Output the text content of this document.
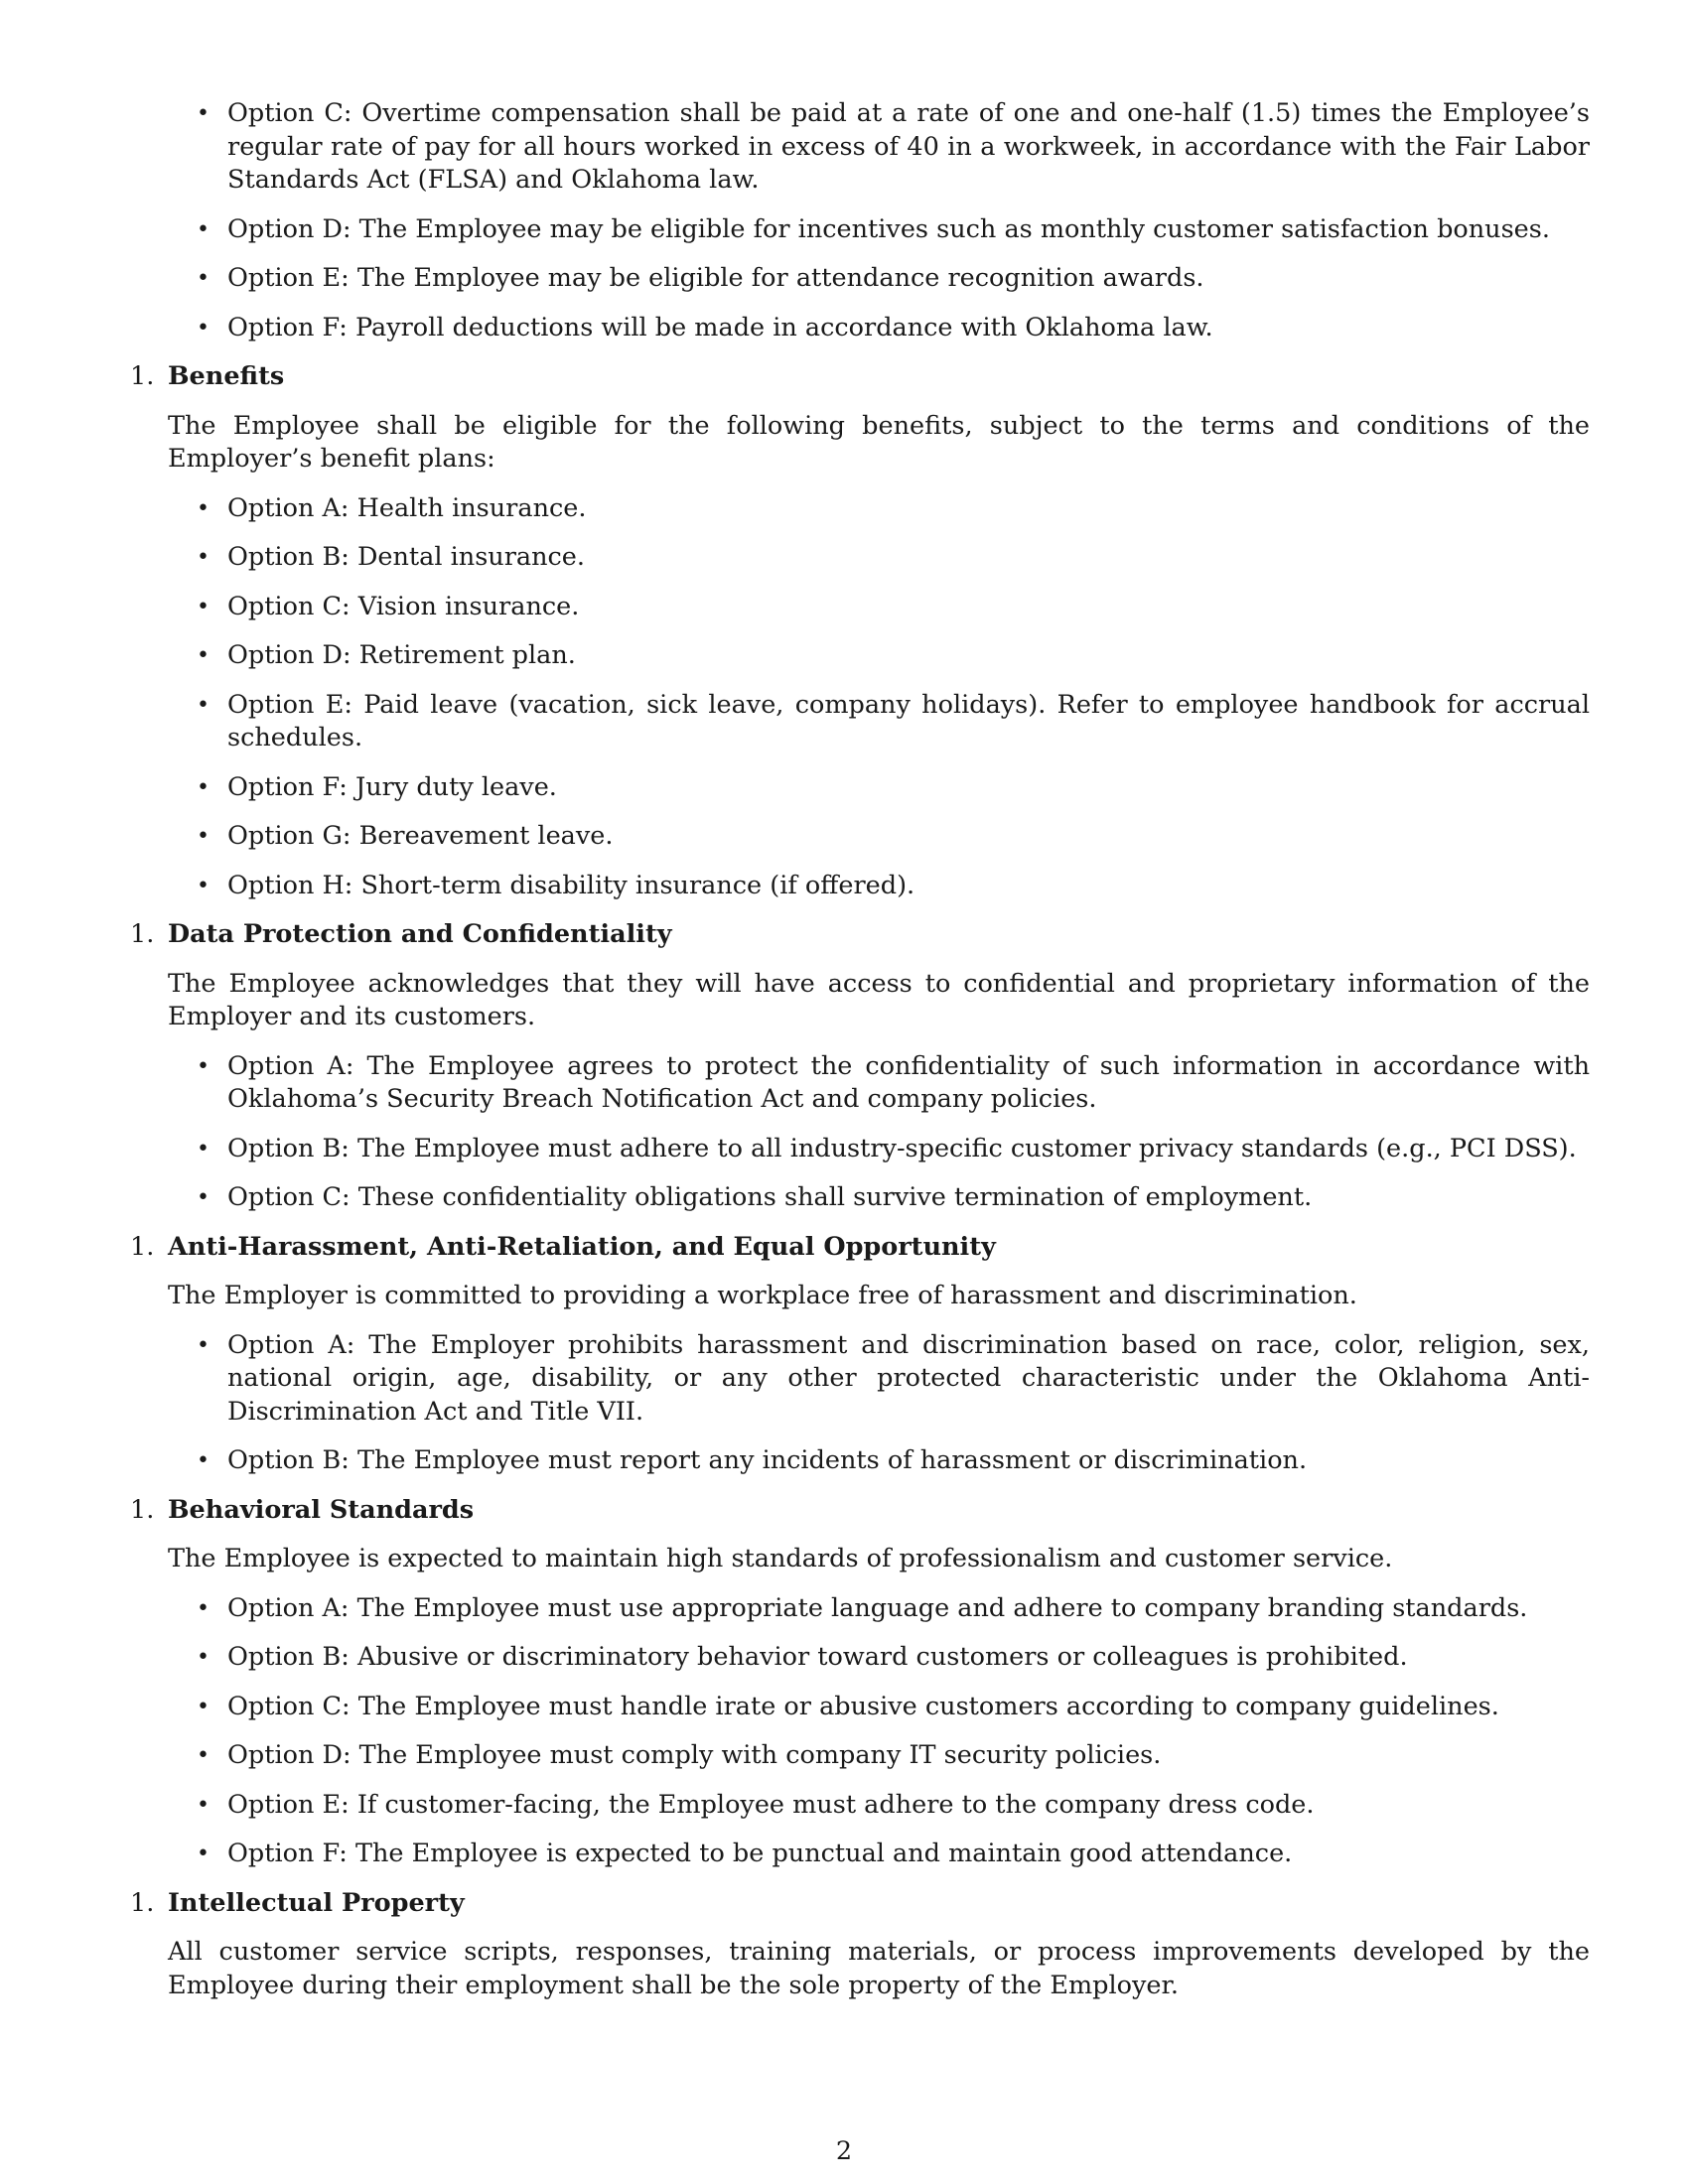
• Option C: Overtime compensation shall be paid at a rate of one and one-half (1.5) times the Employee’s regular rate of pay for all hours worked in excess of 40 in a workweek, in accordance with the Fair Labor Standards Act (FLSA) and Oklahoma law.
• Option D: The Employee may be eligible for incentives such as monthly customer satisfaction bonuses.
• Option E: The Employee may be eligible for attendance recognition awards.
• Option F: Payroll deductions will be made in accordance with Oklahoma law.
1. Benefits
The Employee shall be eligible for the following benefits, subject to the terms and conditions of the Employer’s benefit plans:
• Option A: Health insurance.
• Option B: Dental insurance.
• Option C: Vision insurance.
• Option D: Retirement plan.
• Option E: Paid leave (vacation, sick leave, company holidays). Refer to employee handbook for accrual schedules.
• Option F: Jury duty leave.
• Option G: Bereavement leave.
• Option H: Short-term disability insurance (if offered).
1. Data Protection and Confidentiality
The Employee acknowledges that they will have access to confidential and proprietary information of the Employer and its customers.
• Option A: The Employee agrees to protect the confidentiality of such information in accordance with Oklahoma’s Security Breach Notification Act and company policies.
• Option B: The Employee must adhere to all industry-specific customer privacy standards (e.g., PCI DSS).
• Option C: These confidentiality obligations shall survive termination of employment.
1. Anti-Harassment, Anti-Retaliation, and Equal Opportunity
The Employer is committed to providing a workplace free of harassment and discrimination.
• Option A: The Employer prohibits harassment and discrimination based on race, color, religion, sex, national origin, age, disability, or any other protected characteristic under the Oklahoma Anti-Discrimination Act and Title VII.
• Option B: The Employee must report any incidents of harassment or discrimination.
1. Behavioral Standards
The Employee is expected to maintain high standards of professionalism and customer service.
• Option A: The Employee must use appropriate language and adhere to company branding standards.
• Option B: Abusive or discriminatory behavior toward customers or colleagues is prohibited.
• Option C: The Employee must handle irate or abusive customers according to company guidelines.
• Option D: The Employee must comply with company IT security policies.
• Option E: If customer-facing, the Employee must adhere to the company dress code.
• Option F: The Employee is expected to be punctual and maintain good attendance.
1. Intellectual Property
All customer service scripts, responses, training materials, or process improvements developed by the Employee during their employment shall be the sole property of the Employer.
2
